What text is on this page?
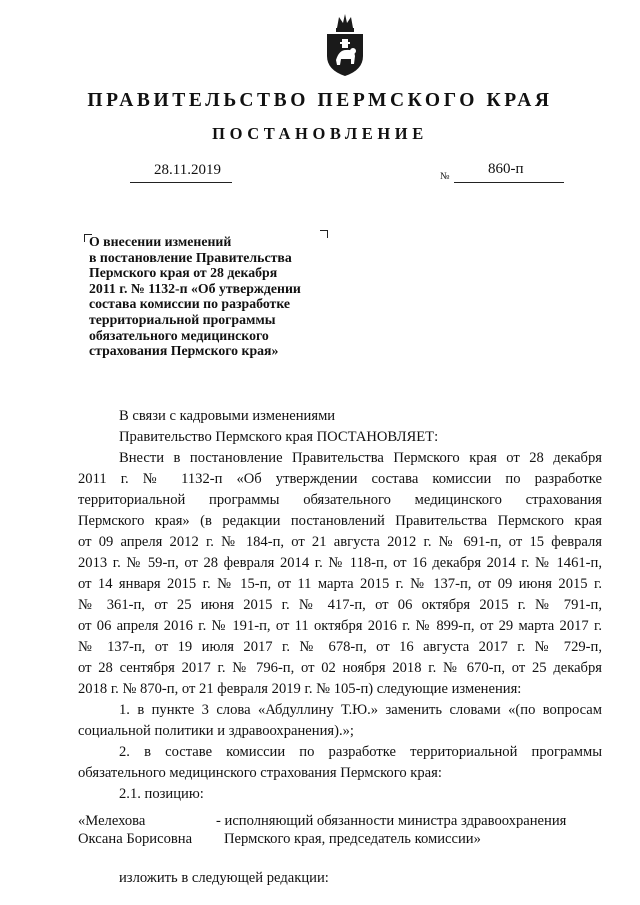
ПРАВИТЕЛЬСТВО ПЕРМСКОГО КРАЯ
ПОСТАНОВЛЕНИЕ
28.11.2019	№	860-п
О внесении изменений
в постановление Правительства
Пермского края от 28 декабря
2011 г. № 1132-п «Об утверждении
состава комиссии по разработке
территориальной программы
обязательного медицинского
страхования Пермского края»
В связи с кадровыми изменениями
Правительство Пермского края ПОСТАНОВЛЯЕТ:
Внести в постановление Правительства Пермского края от 28 декабря
2011 г. № 1132-п «Об утверждении состава комиссии по разработке
территориальной программы обязательного медицинского страхования
Пермского края» (в редакции постановлений Правительства Пермского края
от 09 апреля 2012 г. № 184-п, от 21 августа 2012 г. № 691-п, от 15 февраля
2013 г. № 59-п, от 28 февраля 2014 г. № 118-п, от 16 декабря 2014 г. № 1461-п,
от 14 января 2015 г. № 15-п, от 11 марта 2015 г. № 137-п, от 09 июня 2015 г.
№ 361-п, от 25 июня 2015 г. № 417-п, от 06 октября 2015 г. № 791-п,
от 06 апреля 2016 г. № 191-п, от 11 октября 2016 г. № 899-п, от 29 марта 2017 г.
№ 137-п, от 19 июля 2017 г. № 678-п, от 16 августа 2017 г. № 729-п,
от 28 сентября 2017 г. № 796-п, от 02 ноября 2018 г. № 670-п, от 25 декабря
2018 г. № 870-п, от 21 февраля 2019 г. № 105-п) следующие изменения:
1. в пункте 3 слова «Абдуллину Т.Ю.» заменить словами «(по вопросам
социальной политики и здравоохранения).»;
2. в составе комиссии по разработке территориальной программы
обязательного медицинского страхования Пермского края:
2.1. позицию:
«Мелехова
Оксана Борисовна
- исполняющий обязанности министра здравоохранения
Пермского края, председатель комиссии»
изложить в следующей редакции:
